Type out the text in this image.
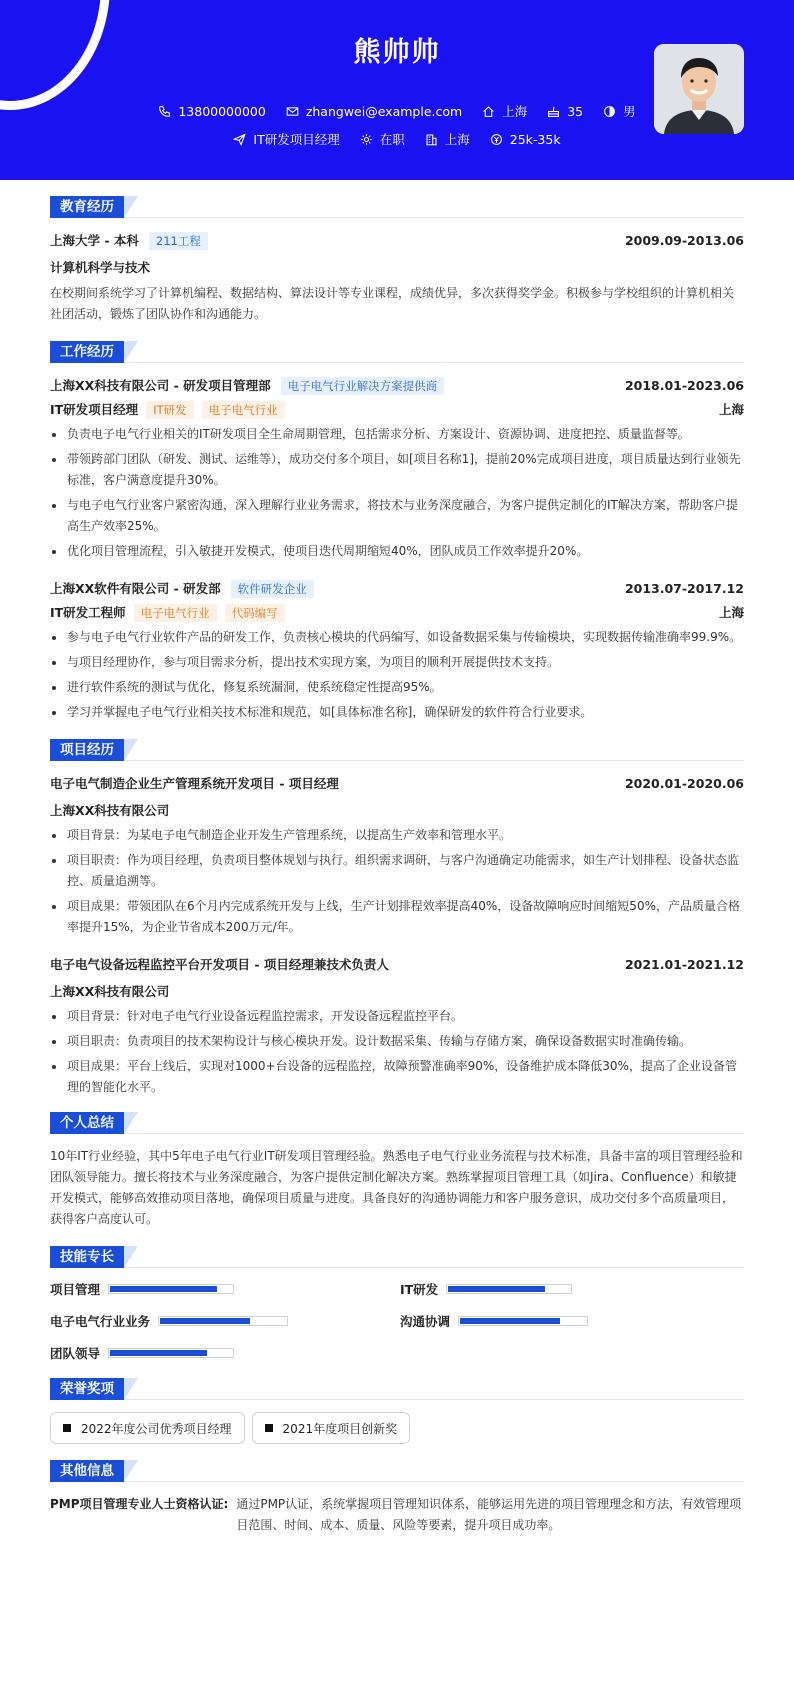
熊帅帅
13800000000	zhangwei@example.com	上海	35	男
IT研发项目经理	在职	上海	25k-35k
教育经历
上海大学 - 本科 211工程	2009.09-2013.06
计算机科学与技术
在校期间系统学习了计算机编程、数据结构、算法设计等专业课程，成绩优异，多次获得奖学金。积极参与学校组织的计算机相关社团活动，锻炼了团队协作和沟通能力。
工作经历
上海XX科技有限公司 - 研发项目管理部 电子电气行业解决方案提供商	2018.01-2023.06
IT研发项目经理 IT研发 电子电气行业	上海
负责电子电气行业相关的IT研发项目全生命周期管理，包括需求分析、方案设计、资源协调、进度把控、质量监督等。
带领跨部门团队（研发、测试、运维等），成功交付多个项目，如[项目名称1]，提前20%完成项目进度，项目质量达到行业领先标准，客户满意度提升30%。
与电子电气行业客户紧密沟通，深入理解行业业务需求，将技术与业务深度融合，为客户提供定制化的IT解决方案，帮助客户提高生产效率25%。
优化项目管理流程，引入敏捷开发模式，使项目迭代周期缩短40%，团队成员工作效率提升20%。
上海XX软件有限公司 - 研发部 软件研发企业	2013.07-2017.12
IT研发工程师 电子电气行业 代码编写	上海
参与电子电气行业软件产品的研发工作，负责核心模块的代码编写，如设备数据采集与传输模块，实现数据传输准确率99.9%。
与项目经理协作，参与项目需求分析，提出技术实现方案，为项目的顺利开展提供技术支持。
进行软件系统的测试与优化，修复系统漏洞，使系统稳定性提高95%。
学习并掌握电子电气行业相关技术标准和规范，如[具体标准名称]，确保研发的软件符合行业要求。
项目经历
电子电气制造企业生产管理系统开发项目 - 项目经理	2020.01-2020.06
上海XX科技有限公司
项目背景：为某电子电气制造企业开发生产管理系统，以提高生产效率和管理水平。
项目职责：作为项目经理，负责项目整体规划与执行。组织需求调研，与客户沟通确定功能需求，如生产计划排程、设备状态监控、质量追溯等。
项目成果：带领团队在6个月内完成系统开发与上线，生产计划排程效率提高40%，设备故障响应时间缩短50%，产品质量合格率提升15%，为企业节省成本200万元/年。
电子电气设备远程监控平台开发项目 - 项目经理兼技术负责人	2021.01-2021.12
上海XX科技有限公司
项目背景：针对电子电气行业设备远程监控需求，开发设备远程监控平台。
项目职责：负责项目的技术架构设计与核心模块开发。设计数据采集、传输与存储方案，确保设备数据实时准确传输。
项目成果：平台上线后，实现对1000+台设备的远程监控，故障预警准确率90%，设备维护成本降低30%，提高了企业设备管理的智能化水平。
个人总结
10年IT行业经验，其中5年电子电气行业IT研发项目管理经验。熟悉电子电气行业业务流程与技术标准，具备丰富的项目管理经验和团队领导能力。擅长将技术与业务深度融合，为客户提供定制化解决方案。熟练掌握项目管理工具（如Jira、Confluence）和敏捷开发模式，能够高效推动项目落地，确保项目质量与进度。具备良好的沟通协调能力和客户服务意识，成功交付多个高质量项目，获得客户高度认可。
技能专长
项目管理	IT研发
电子电气行业业务	沟通协调
团队领导
荣誉奖项
2022年度公司优秀项目经理	2021年度项目创新奖
其他信息
PMP项目管理专业人士资格认证: 通过PMP认证，系统掌握项目管理知识体系，能够运用先进的项目管理理念和方法，有效管理项目范围、时间、成本、质量、风险等要素，提升项目成功率。
